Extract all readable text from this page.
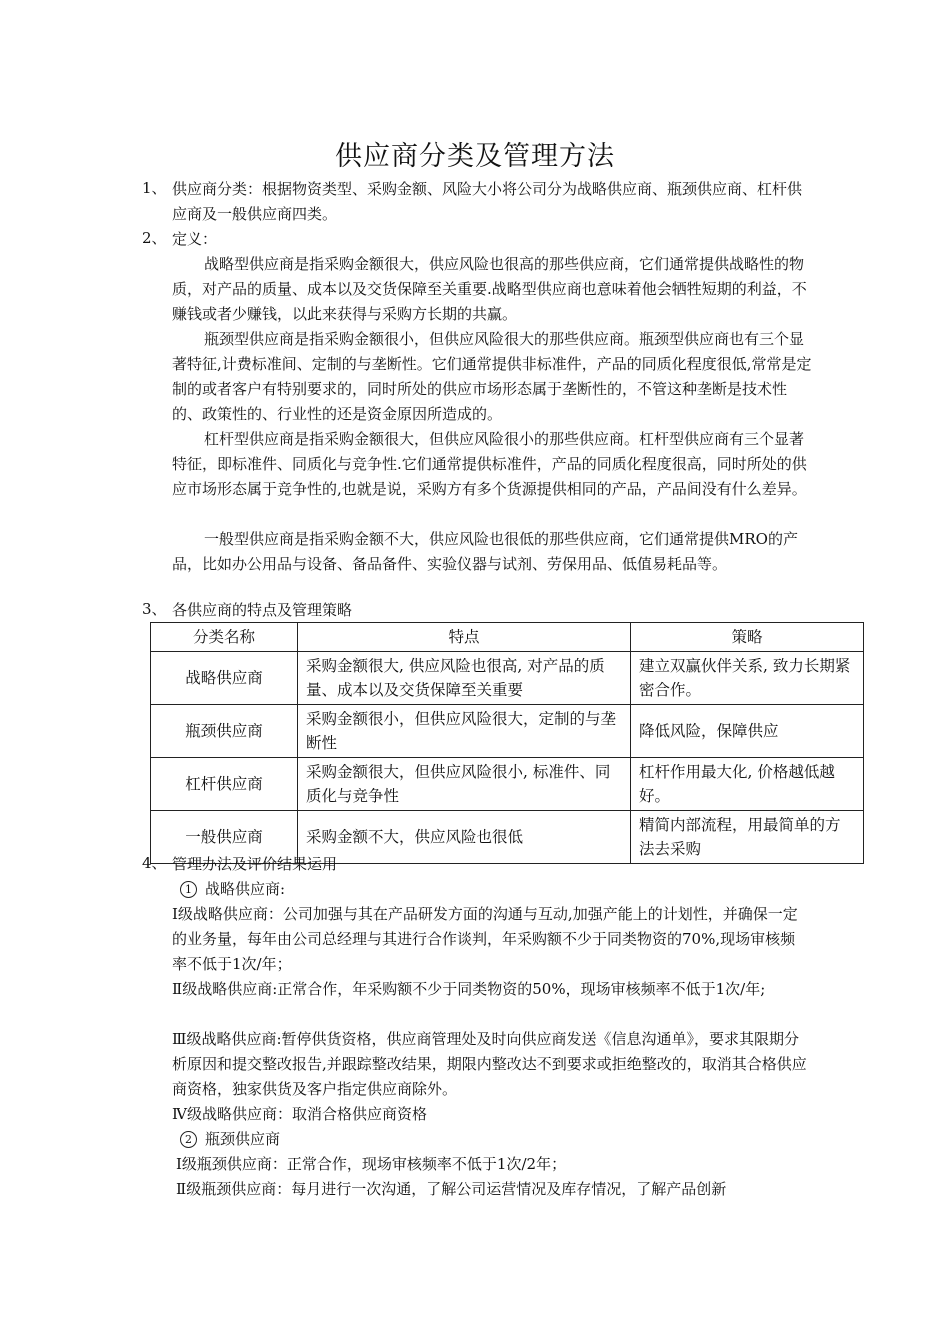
供应商分类及管理方法
1、 供应商分类：根据物资类型、采购金额、风险大小将公司分为战略供应商、瓶颈供应商、杠杆供应商及一般供应商四类。
2、 定义：
战略型供应商是指采购金额很大，供应风险也很高的那些供应商，它们通常提供战略性的物质，对产品的质量、成本以及交货保障至关重要.战略型供应商也意味着他会牺牲短期的利益，不赚钱或者少赚钱，以此来获得与采购方长期的共赢。
瓶颈型供应商是指采购金额很小，但供应风险很大的那些供应商。瓶颈型供应商也有三个显著特征,计费标准间、定制的与垄断性。它们通常提供非标准件，产品的同质化程度很低,常常是定制的或者客户有特别要求的，同时所处的供应市场形态属于垄断性的，不管这种垄断是技术性的、政策性的、行业性的还是资金原因所造成的。
杠杆型供应商是指采购金额很大，但供应风险很小的那些供应商。杠杆型供应商有三个显著特征，即标准件、同质化与竞争性.它们通常提供标准件，产品的同质化程度很高，同时所处的供应市场形态属于竞争性的,也就是说，采购方有多个货源提供相同的产品，产品间没有什么差异。
一般型供应商是指采购金额不大，供应风险也很低的那些供应商，它们通常提供MRO的产品，比如办公用品与设备、备品备件、实验仪器与试剂、劳保用品、低值易耗品等。
3、 各供应商的特点及管理策略
分类名称	特点	策略
战略供应商	采购金额很大, 供应风险也很高, 对产品的质量、成本以及交货保障至关重要	建立双赢伙伴关系, 致力长期紧密合作。
瓶颈供应商	采购金额很小，但供应风险很大，定制的与垄断性	降低风险，保障供应
杠杆供应商	采购金额很大，但供应风险很小, 标准件、同质化与竞争性	杠杆作用最大化, 价格越低越好。
一般供应商	采购金额不大，供应风险也很低	精简内部流程，用最简单的方法去采购
4、 管理办法及评价结果运用
1 战略供应商:
Ⅰ级战略供应商：公司加强与其在产品研发方面的沟通与互动,加强产能上的计划性，并确保一定的业务量，每年由公司总经理与其进行合作谈判，年采购额不少于同类物资的70%,现场审核频率不低于1次/年；
Ⅱ级战略供应商:正常合作，年采购额不少于同类物资的50%，现场审核频率不低于1次/年;
Ⅲ级战略供应商:暂停供货资格，供应商管理处及时向供应商发送《信息沟通单》，要求其限期分析原因和提交整改报告,并跟踪整改结果，期限内整改达不到要求或拒绝整改的，取消其合格供应商资格，独家供货及客户指定供应商除外。
Ⅳ级战略供应商：取消合格供应商资格
2 瓶颈供应商
Ⅰ级瓶颈供应商：正常合作，现场审核频率不低于1次/2年；
Ⅱ级瓶颈供应商：每月进行一次沟通，了解公司运营情况及库存情况，了解产品创新
